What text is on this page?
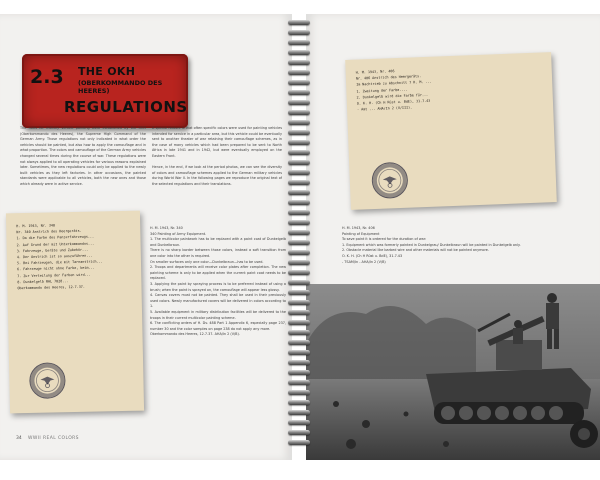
2.3 THE OKH
(OBERKOMMANDO DES HEERES)
REGULATIONS
The rules for military vehicle painting were established by the OKH (Oberkommando des Heeres), the Supreme High Command of the German Army. Those regulations not only indicated in what order the vehicles should be painted, but also how to apply the camouflage and in what proportion. The colors and camouflage of the German Army vehicles changed several times during the course of war. These regulations were not always applied to all operating vehicles for various reasons explained later. Sometimes, the new regulations could only be applied to the newly built vehicles as they left factories. In other occasions, the painted standards were applicable to all vehicles, both the new ones and those which already were in active service.
A special feature is that often specific colors were used for painting vehicles intended for service in a particular area, but this vehicle could be eventually sent to another theater of war retaining their camouflage schemes, as in the case of many vehicles which had been prepared to be sent to North Africa in late 1941 and in 1942, but were eventually employed on the Eastern Front.

Hence, in the end, if we look at the period photos, we can see the diversity of colors and camouflage schemes applied to the German military vehicles during World War II. In the following pages we reproduce the original text of the selected regulations and their translations.
H. M. 1943, Nr. 340
Nr. 340 Anstrich des Heergeräts.
1. Da die Farbe des Panzerfahrzeugs...
2. Auf Grund der mit Unterkommandos...
3. Fahrzeuge, Geräte und Zubehör...
4. Der Anstrich ist so auszuführen...
5. Bei Fahrzeugen, die mit Tarnanstrich...
6. Fahrzeuge nicht ohne Farbe, beim...
7. Zur Verteilung der Farben wird...
8. Dunkelgelb RAL 7028...
Oberkommando des Heeres, 12.7.37.
H. M. 1943, Nr. 340
340 Painting of Army Equipment.
1. The multicolor paintwork has to be replaced with a paint coat of Dunkelgelb and Dunkelbraun.
There is no sharp border between those colors, instead a soft transition from one color into the other is required.
On smaller surfaces only one color—Dunkelbraun—has to be used.
2. Troops and departments will receive color plates after completion. The new painting scheme is only to be applied when the current paint coat needs to be replaced.
3. Applying the paint by spraying process is to be preferred instead of using a brush; when the paint is sprayed on, the camouflage will appear less glossy.
4. Canvas covers must not be painted. They shall be used in their previously used colors. Newly manufactured covers will be delivered in colors according to 1.
5. Available equipment in military distribution facilities will be delivered to the troops in their current multicolor painting scheme.
6. The conflicting orders of H. Dv. 488 Part 1 Appendix 6, especially page 237, number 30 and the color samples on page 238 do not apply any more.
Oberkommando des Heeres, 12.7.37. AHA/In 2 (V/B).
34 WWII REAL COLORS
H. M. 1943, Nr. 406
Nr. 406 Anstrich des Heergeräts.
Im Nachtrieb zu Abschnitt 7 H. M. ...
1. Zweitung der Farbe....
2. Dunkelgelb wird die Farbe für...
O. K. H. (Ch H Rüst u. BdE), 31.7.43
- Amt ... AHA/In 2 (V/III).
H. M. 1943, Nr. 406
Painting of Equipment
To save paint it is ordered for the duration of war:
1. Equipment which was formerly painted in Dunkelgrau/ Dunkelbraun will be painted in Dunkelgelb only.
2. Obstacle material like barbed wire and other materials will not be painted anymore.
O. K. H. (Ch H Rüst u. BdE), 31.7.43
- TSAM/In - AHA/In 2 (V/B)
